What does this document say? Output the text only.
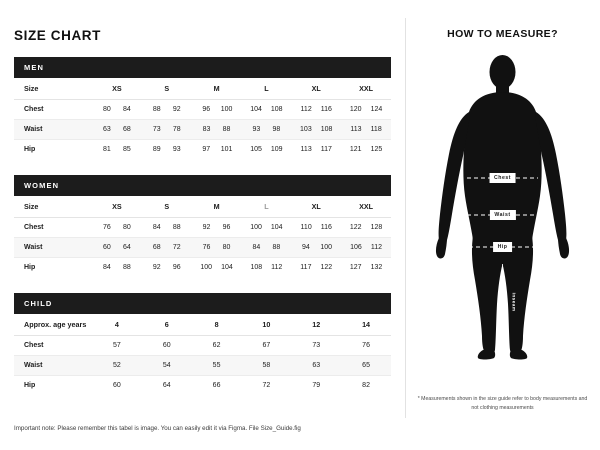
SIZE CHART
MEN
Size	XS	S	M	L	XL	XXL
Chest	80 84	88 92	96 100	104 108	112 116	120 124

Waist	63 68	73 78	83 88	93 98	103 108	113 118

Hip	81 85	89 93	97 101	105 109	113 117	121 125
WOMEN
Size	XS	S	M	L	XL	XXL
Chest	76 80	84 88	92 96	100 104	110 116	122 128

Waist	60 64	68 72	76 80	84 88	94 100	106 112

Hip	84 88	92 96	100 104	108 112	117 122	127 132
CHILD
Approx. age years	4	6	8	10	12	14
Chest	57	60	62	67	73	76
Waist	52	54	55	58	63	65
Hip	60	64	66	72	79	82
Important note: Please remember this tabel is image. You can easily edit it via Figma. File Size_Guide.fig
HOW TO MEASURE?
Chest
Waist
Hip
Inseam
* Measurements shown in the size guide refer to body measurements and not clothing measurements
